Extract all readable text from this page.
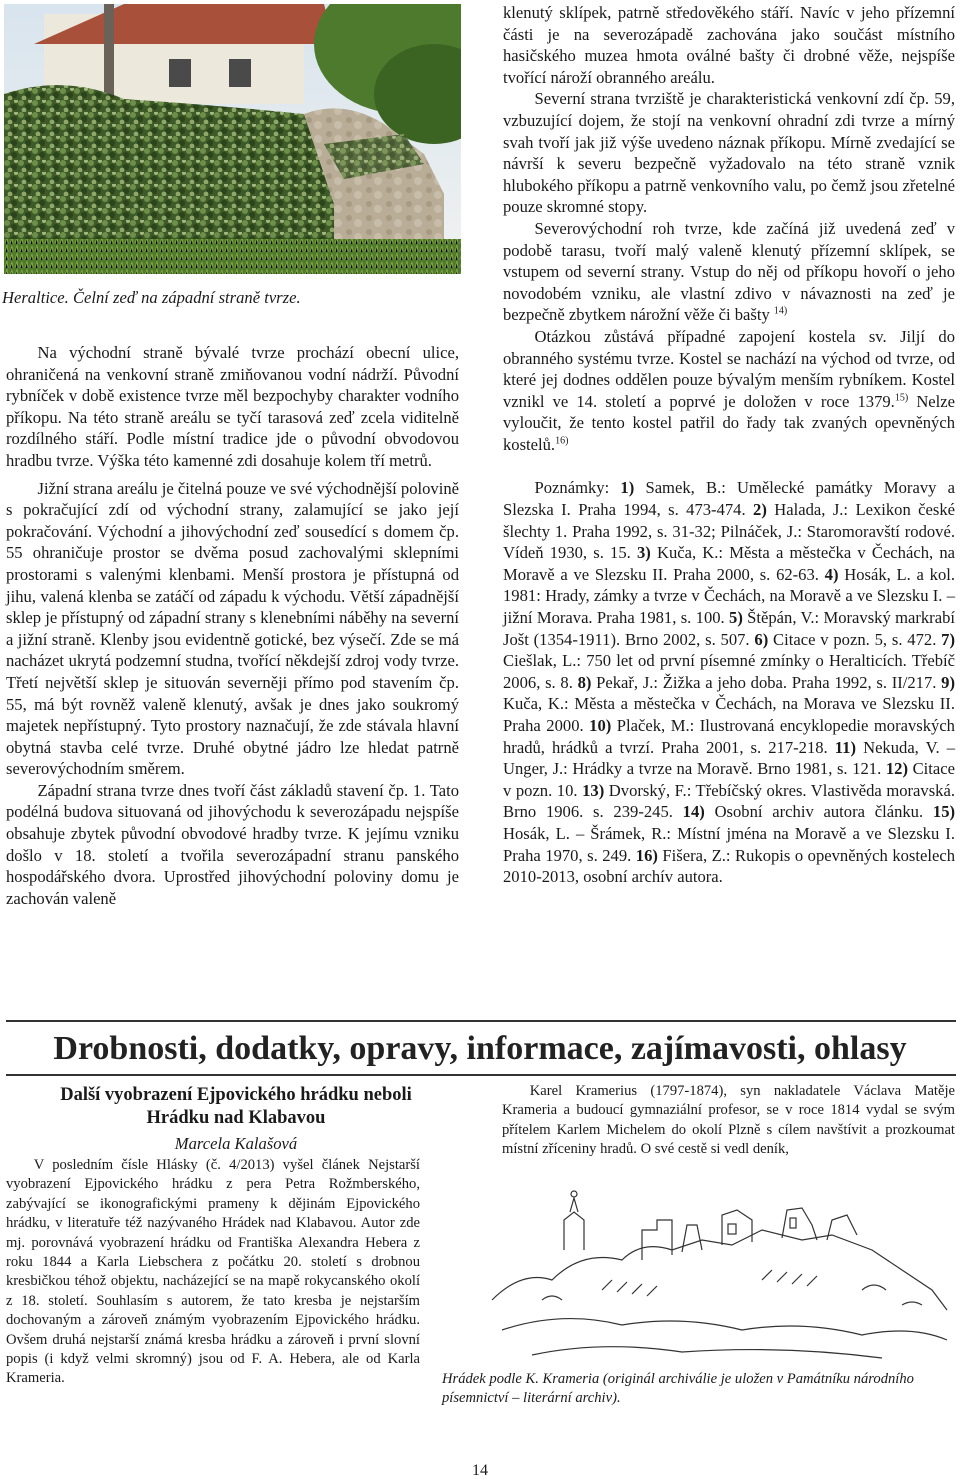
Heraltice. Čelní zeď na západní straně tvrze.

Na východní straně bývalé tvrze prochází obecní ulice, ohraničená na venkovní straně zmiňovanou vodní nádrží. Původní rybníček v době existence tvrze měl bezpochyby charakter vodního příkopu. Na této straně areálu se tyčí tarasová zeď zcela viditelně rozdílného stáří. Podle místní tradice jde o původní obvodovou hradbu tvrze. Výška této kamenné zdi dosahuje kolem tří metrů.

Jižní strana areálu je čitelná pouze ve své východnější polovině s pokračující zdí od východní strany, zalamující se jako její pokračování. Východní a jihovýchodní zeď sousedící s domem čp. 55 ohraničuje prostor se dvěma posud zachovalými sklepními prostorami s valenými klenbami. Menší prostora je přístupná od jihu, valená klenba se zatáčí od západu k východu. Větší západnější sklep je přístupný od západní strany s klenebními náběhy na severní a jižní straně. Klenby jsou evidentně gotické, bez výsečí. Zde se má nacházet ukrytá podzemní studna, tvořící někdejší zdroj vody tvrze. Třetí největší sklep je situován severněji přímo pod stavením čp. 55, má být rovněž valeně klenutý, avšak je dnes jako soukromý majetek nepřístupný. Tyto prostory naznačují, že zde stávala hlavní obytná stavba celé tvrze. Druhé obytné jádro lze hledat patrně severovýchodním směrem.

Západní strana tvrze dnes tvoří část základů stavení čp. 1. Tato podélná budova situovaná od jihovýchodu k severozápadu nejspíše obsahuje zbytek původní obvodové hradby tvrze. K jejímu vzniku došlo v 18. století a tvořila severozápadní stranu panského hospodářského dvora. Uprostřed jihovýchodní poloviny domu je zachován valeně

klenutý sklípek, patrně středověkého stáří. Navíc v jeho přízemní části je na severozápadě zachována jako součást místního hasičského muzea hmota oválné bašty či drobné věže, nejspíše tvořící nároží obranného areálu.

Severní strana tvrziště je charakteristická venkovní zdí čp. 59, vzbuzující dojem, že stojí na venkovní ohradní zdi tvrze a mírný svah tvoří jak již výše uvedeno náznak příkopu. Mírně zvedající se návrší k severu bezpečně vyžadovalo na této straně vznik hlubokého příkopu a patrně venkovního valu, po čemž jsou zřetelné pouze skromné stopy.

Severovýchodní roh tvrze, kde začíná již uvedená zeď v podobě tarasu, tvoří malý valeně klenutý přízemní sklípek, se vstupem od severní strany. Vstup do něj od příkopu hovoří o jeho novodobém vzniku, ale vlastní zdivo v návaznosti na zeď je bezpečně zbytkem nárožní věže či bašty $^{14)}$

Otázkou zůstává případné zapojení kostela sv. Jiljí do obranného systému tvrze. Kostel se nachází na východ od tvrze, od které jej dodnes oddělen pouze bývalým menším rybníkem. Kostel vznikl ve 14. století a poprvé je doložen v roce 1379.$^{15)}$ Nelze vyloučit, že tento kostel patřil do řady tak zvaných opevněných kostelů.$^{16)}$

Poznámky: 1) Samek, B.: Umělecké památky Moravy a Slezska I. Praha 1994, s. 473-474. 2) Halada, J.: Lexikon české šlechty 1. Praha 1992, s. 31-32; Pilnáček, J.: Staromoravští rodové. Vídeň 1930, s. 15. 3) Kuča, K.: Města a městečka v Čechách, na Moravě a ve Slezsku II. Praha 2000, s. 62-63. 4) Hosák, L. a kol. 1981: Hrady, zámky a tvrze v Čechách, na Moravě a ve Slezsku I. – jižní Morava. Praha 1981, s. 100. 5) Štěpán, V.: Moravský markrabí Jošt (1354-1911). Brno 2002, s. 507. 6) Citace v pozn. 5, s. 472. 7) Ciešlak, L.: 750 let od první písemné zmínky o Heralticích. Třebíč 2006, s. 8. 8) Pekař, J.: Žižka a jeho doba. Praha 1992, s. II/217. 9) Kuča, K.: Města a městečka v Čechách, na Morava ve Slezsku II. Praha 2000. 10) Plaček, M.: Ilustrovaná encyklopedie moravských hradů, hrádků a tvrzí. Praha 2001, s. 217-218. 11) Nekuda, V. – Unger, J.: Hrádky a tvrze na Moravě. Brno 1981, s. 121. 12) Citace v pozn. 10. 13) Dvorský, F.: Třebíčský okres. Vlastivěda moravská. Brno 1906. s. 239-245. 14) Osobní archiv autora článku. 15) Hosák, L. – Šrámek, R.: Místní jména na Moravě a ve Slezsku I. Praha 1970, s. 249. 16) Fišera, Z.: Rukopis o opevněných kostelech 2010-2013, osobní archív autora.

Drobnosti, dodatky, opravy, informace, zajímavosti, ohlasy
Další vyobrazení Ejpovického hrádku neboli
Hrádku nad Klabavou
Marcela Kalašová

V posledním čísle Hlásky (č. 4/2013) vyšel článek Nejstarší vyobrazení Ejpovického hrádku z pera Petra Rožmberského, zabývající se ikonografickými prameny k dějinám Ejpovického hrádku, v literatuře též nazývaného Hrádek nad Klabavou. Autor zde mj. porovnává vyobrazení hrádku od Františka Alexandra Hebera z roku 1844 a Karla Liebschera z počátku 20. století s drobnou kresbičkou téhož objektu, nacházející se na mapě rokycanského okolí z 18. století. Souhlasím s autorem, že tato kresba je nejstarším dochovaným a zároveň známým vyobrazením Ejpovického hrádku. Ovšem druhá nejstarší známá kresba hrádku a zároveň i první slovní popis (i když velmi skromný) jsou od F. A. Hebera, ale od Karla Krameria.

Karel Kramerius (1797-1874), syn nakladatele Václava Matěje Krameria a budoucí gymnaziální profesor, se v roce 1814 vydal se svým přítelem Karlem Michelem do okolí Plzně s cílem navštívit a prozkoumat místní zříceniny hradů. O své cestě si vedl deník,

Hrádek podle K. Krameria (originál archiválie je uložen v Památníku národního písemnictví – literární archiv).
14
